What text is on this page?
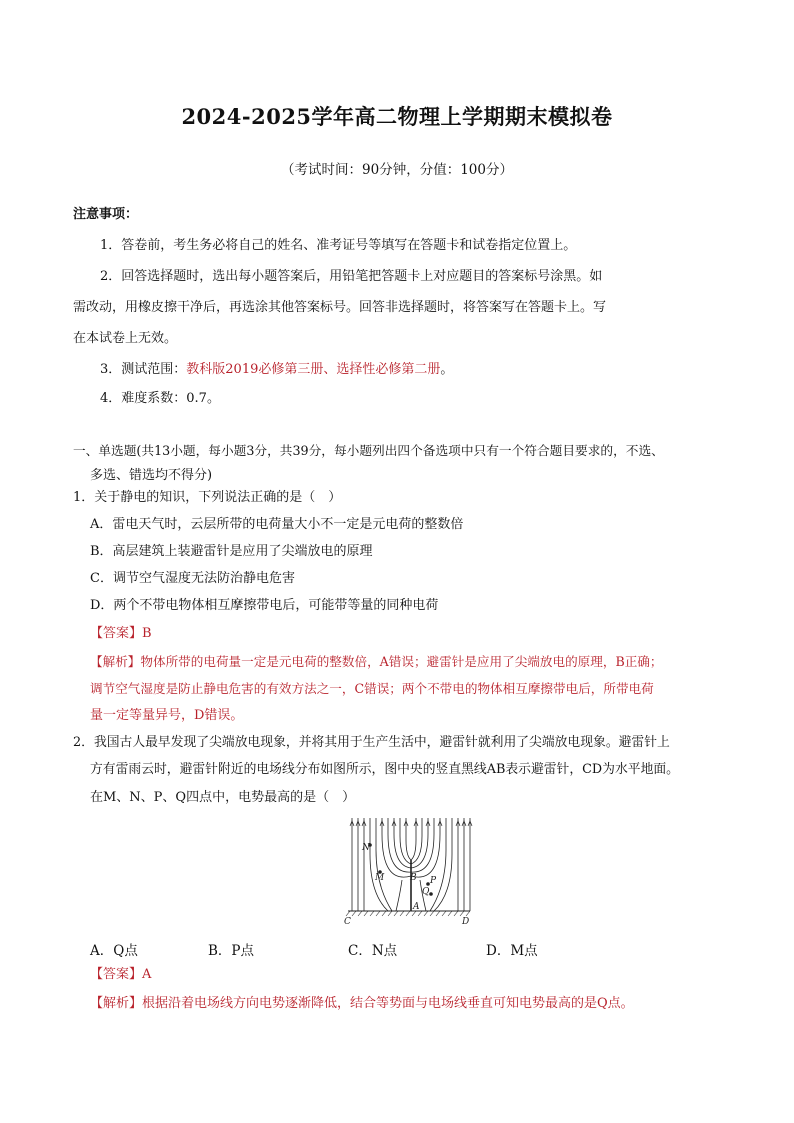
2024-2025学年高二物理上学期期末模拟卷
（考试时间：90分钟，分值：100分）
注意事项：
1．答卷前，考生务必将自己的姓名、准考证号等填写在答题卡和试卷指定位置上。
2．回答选择题时，选出每小题答案后，用铅笔把答题卡上对应题目的答案标号涂黑。如
需改动，用橡皮擦干净后，再选涂其他答案标号。回答非选择题时，将答案写在答题卡上。写
在本试卷上无效。
3．测试范围：教科版2019必修第三册、选择性必修第二册。
4．难度系数：0.7。
一、单选题(共13小题，每小题3分，共39分，每小题列出四个备选项中只有一个符合题目要求的，不选、
多选、错选均不得分)
1．关于静电的知识，下列说法正确的是（　）
A．雷电天气时，云层所带的电荷量大小不一定是元电荷的整数倍
B．高层建筑上装避雷针是应用了尖端放电的原理
C．调节空气湿度无法防治静电危害
D．两个不带电物体相互摩擦带电后，可能带等量的同种电荷
【答案】B
【解析】物体所带的电荷量一定是元电荷的整数倍，A错误；避雷针是应用了尖端放电的原理，B正确；
调节空气湿度是防止静电危害的有效方法之一，C错误；两个不带电的物体相互摩擦带电后，所带电荷
量一定等量异号，D错误。
2．我国古人最早发现了尖端放电现象，并将其用于生产生活中，避雷针就利用了尖端放电现象。避雷针上
方有雷雨云时，避雷针附近的电场线分布如图所示，图中央的竖直黑线AB表示避雷针，CD为水平地面。
在M、N、P、Q四点中，电势最高的是（　）
N
M	B P
Q
A
C	D
A．Q点	B．P点	C．N点	D．M点
【答案】A
【解析】根据沿着电场线方向电势逐渐降低，结合等势面与电场线垂直可知电势最高的是Q点。
